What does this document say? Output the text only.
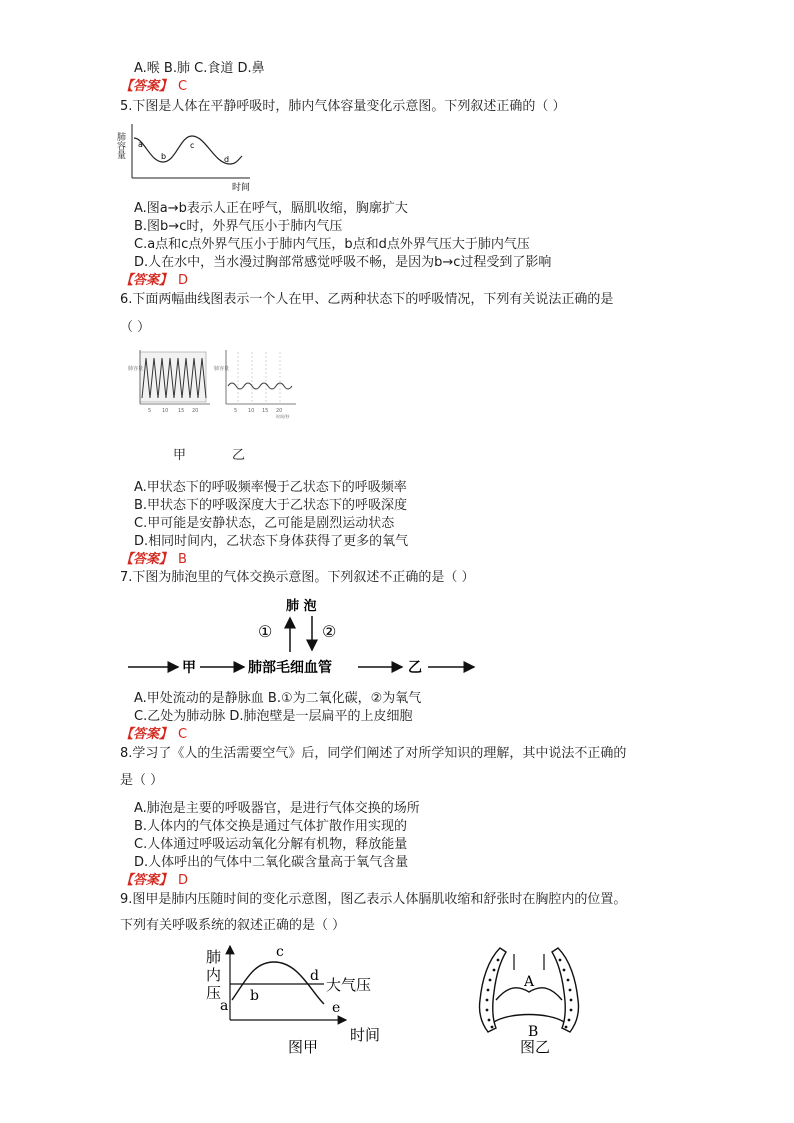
A.喉 B.肺 C.食道 D.鼻
【答案】 C
5.下图是人体在平静呼吸时，肺内气体容量变化示意图。下列叙述正确的（ ）
肺容量 a
b
c
d
时间
A.图a→b表示人正在呼气，膈肌收缩，胸廓扩大
B.图b→c时，外界气压小于肺内气压
C.a点和c点外界气压小于肺内气压，b点和d点外界气压大于肺内气压
D.人在水中，当水漫过胸部常感觉呼吸不畅，是因为b→c过程受到了影响
【答案】 D
6.下面两幅曲线图表示一个人在甲、乙两种状态下的呼吸情况，下列有关说法正确的是
（ ）
肺容量
5 10 15 20
肺容量
5 10 15 20
时间/秒
甲	乙
A.甲状态下的呼吸频率慢于乙状态下的呼吸频率
B.甲状态下的呼吸深度大于乙状态下的呼吸深度
C.甲可能是安静状态，乙可能是剧烈运动状态
D.相同时间内，乙状态下身体获得了更多的氧气
【答案】 B
7.下图为肺泡里的气体交换示意图。下列叙述不正确的是（ ）
肺 泡
①	②
甲	肺部毛细血管	乙
A.甲处流动的是静脉血 B.①为二氧化碳，②为氧气
C.乙处为肺动脉 D.肺泡壁是一层扁平的上皮细胞
【答案】 C
8.学习了《人的生活需要空气》后，同学们阐述了对所学知识的理解，其中说法不正确的
是（ ）
A.肺泡是主要的呼吸器官，是进行气体交换的场所
B.人体内的气体交换是通过气体扩散作用实现的
C.人体通过呼吸运动氧化分解有机物，释放能量
D.人体呼出的气体中二氧化碳含量高于氧气含量
【答案】 D
9.图甲是肺内压随时间的变化示意图，图乙表示人体膈肌收缩和舒张时在胸腔内的位置。
下列有关呼吸系统的叙述正确的是（ ）
肺
内
压
a
b
c
d 大气压
e
时间
图甲
A
B
图乙
